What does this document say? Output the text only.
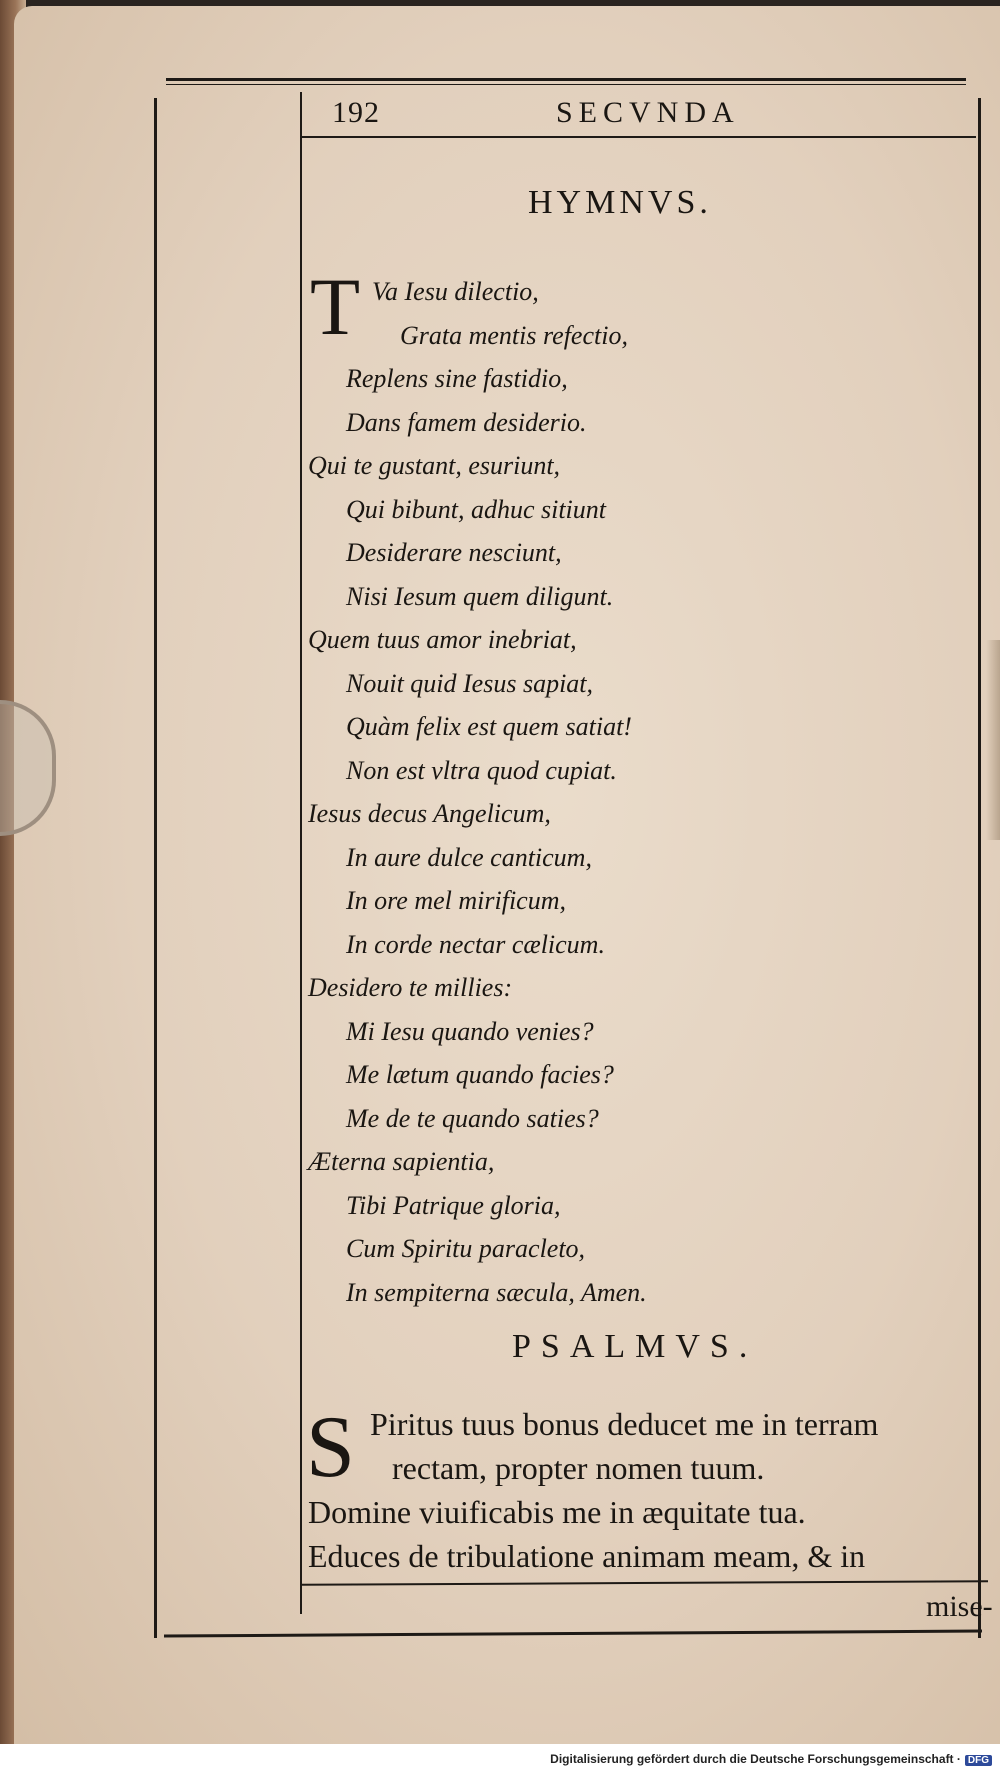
192	SECVNDA
HYMNVS.
T Va Iesu dilectio,
Grata mentis refectio,
Replens sine fastidio,
Dans famem desiderio.
Qui te gustant, esuriunt,
Qui bibunt, adhuc sitiunt
Desiderare nesciunt,
Nisi Iesum quem diligunt.
Quem tuus amor inebriat,
Nouit quid Iesus sapiat,
Quàm felix est quem satiat!
Non est vltra quod cupiat.
Iesus decus Angelicum,
In aure dulce canticum,
In ore mel mirificum,
In corde nectar cælicum.
Desidero te millies:
Mi Iesu quando venies?
Me lætum quando facies?
Me de te quando saties?
Æterna sapientia,
Tibi Patrique gloria,
Cum Spiritu paracleto,
In sempiterna sæcula, Amen.
PSALMVS.
S Piritus tuus bonus deducet me in terram
rectam, propter nomen tuum.
Domine viuificabis me in æquitate tua.
Educes de tribulatione animam meam, & in
mise-
Digitalisierung gefördert durch die Deutsche Forschungsgemeinschaft · DFG
